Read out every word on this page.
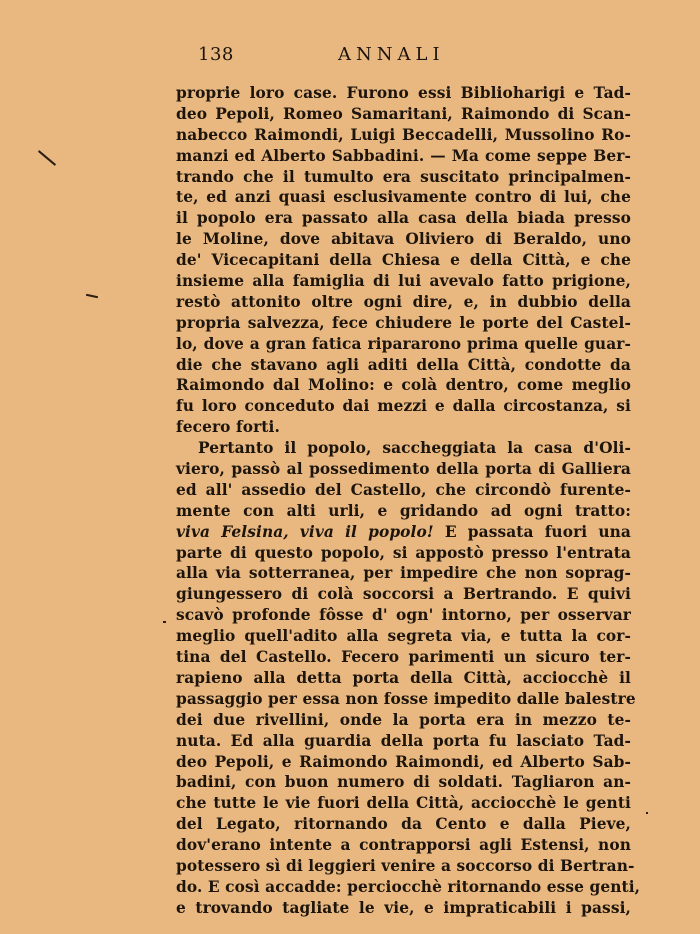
138	ANNALI
proprie loro case. Furono essi Biblioharigi e Tad-
deo Pepoli, Romeo Samaritani, Raimondo di Scan-
nabecco Raimondi, Luigi Beccadelli, Mussolino Ro-
manzi ed Alberto Sabbadini. — Ma come seppe Ber-
trando che il tumulto era suscitato principalmen-
te, ed anzi quasi esclusivamente contro di lui, che
il popolo era passato alla casa della biada presso
le Moline, dove abitava Oliviero di Beraldo, uno
de' Vicecapitani della Chiesa e della Città, e che
insieme alla famiglia di lui avevalo fatto prigione,
restò attonito oltre ogni dire, e, in dubbio della
propria salvezza, fece chiudere le porte del Castel-
lo, dove a gran fatica ripararono prima quelle guar-
die che stavano agli aditi della Città, condotte da
Raimondo dal Molino: e colà dentro, come meglio
fu loro conceduto dai mezzi e dalla circostanza, si
fecero forti.
Pertanto il popolo, saccheggiata la casa d'Oli-
viero, passò al possedimento della porta di Galliera
ed all' assedio del Castello, che circondò furente-
mente con alti urli, e gridando ad ogni tratto:
viva Felsina, viva il popolo! E passata fuori una
parte di questo popolo, si appostò presso l'entrata
alla via sotterranea, per impedire che non soprag-
giungessero di colà soccorsi a Bertrando. E quivi
scavò profonde fôsse d' ogn' intorno, per osservar
meglio quell'adito alla segreta via, e tutta la cor-
tina del Castello. Fecero parimenti un sicuro ter-
rapieno alla detta porta della Città, acciocchè il
passaggio per essa non fosse impedito dalle balestre
dei due rivellini, onde la porta era in mezzo te-
nuta. Ed alla guardia della porta fu lasciato Tad-
deo Pepoli, e Raimondo Raimondi, ed Alberto Sab-
badini, con buon numero di soldati. Tagliaron an-
che tutte le vie fuori della Città, acciocchè le genti
del Legato, ritornando da Cento e dalla Pieve,
dov'erano intente a contrapporsi agli Estensi, non
potessero sì di leggieri venire a soccorso di Bertran-
do. E così accadde: perciocchè ritornando esse genti,
e trovando tagliate le vie, e impraticabili i passi,
